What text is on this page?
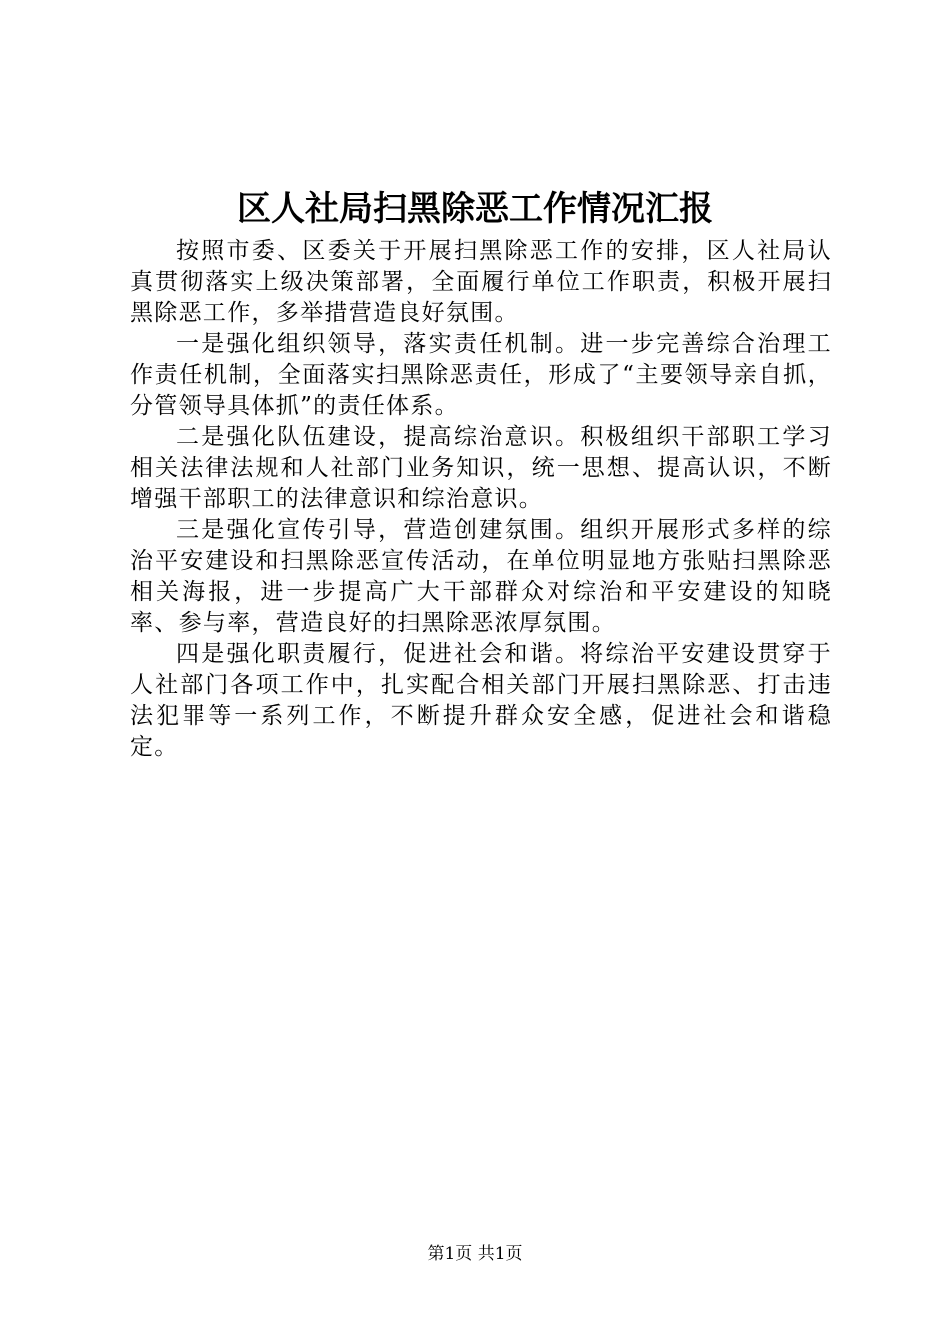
区人社局扫黑除恶工作情况汇报

按照市委、区委关于开展扫黑除恶工作的安排，区人社局认真贯彻落实上级决策部署，全面履行单位工作职责，积极开展扫黑除恶工作，多举措营造良好氛围。

一是强化组织领导，落实责任机制。进一步完善综合治理工作责任机制，全面落实扫黑除恶责任，形成了“主要领导亲自抓，分管领导具体抓”的责任体系。

二是强化队伍建设，提高综治意识。积极组织干部职工学习相关法律法规和人社部门业务知识，统一思想、提高认识，不断增强干部职工的法律意识和综治意识。

三是强化宣传引导，营造创建氛围。组织开展形式多样的综治平安建设和扫黑除恶宣传活动，在单位明显地方张贴扫黑除恶相关海报，进一步提高广大干部群众对综治和平安建设的知晓率、参与率，营造良好的扫黑除恶浓厚氛围。

四是强化职责履行，促进社会和谐。将综治平安建设贯穿于人社部门各项工作中，扎实配合相关部门开展扫黑除恶、打击违法犯罪等一系列工作，不断提升群众安全感，促进社会和谐稳定。

第1页 共1页
